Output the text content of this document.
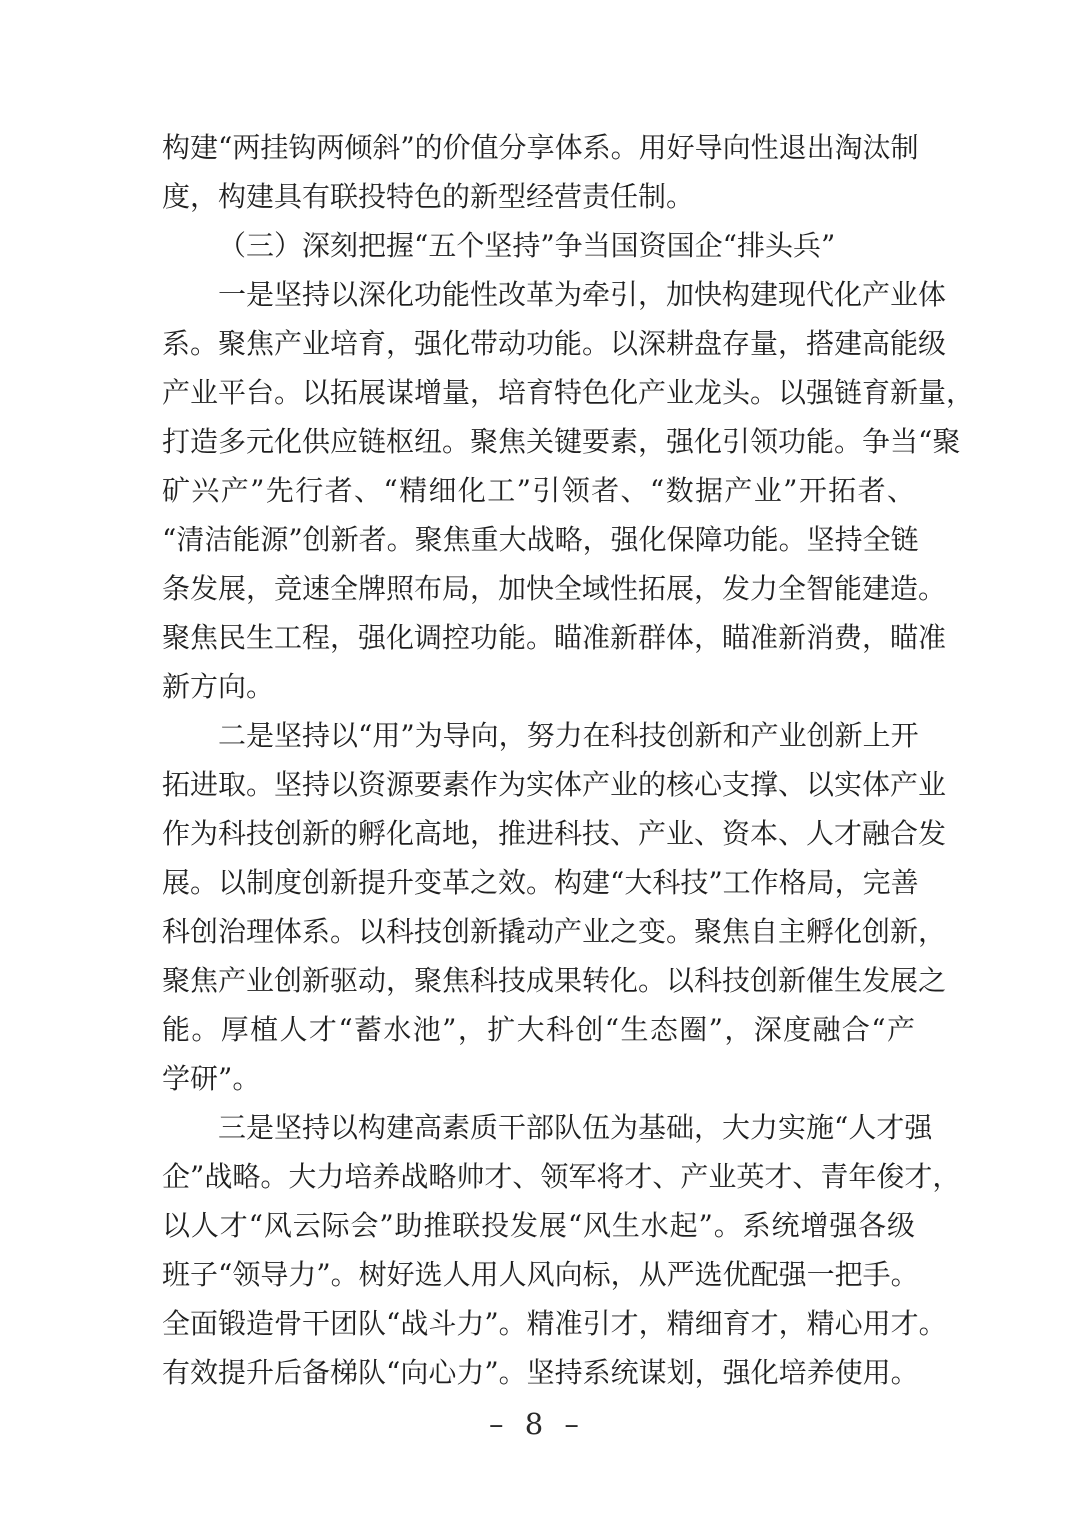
构建“两挂钩两倾斜”的价值分享体系。用好导向性退出淘汰制
度，构建具有联投特色的新型经营责任制。
（三）深刻把握“五个坚持”争当国资国企“排头兵”
一是坚持以深化功能性改革为牵引，加快构建现代化产业体
系。聚焦产业培育，强化带动功能。以深耕盘存量，搭建高能级
产业平台。以拓展谋增量，培育特色化产业龙头。以强链育新量，
打造多元化供应链枢纽。聚焦关键要素，强化引领功能。争当“聚
矿兴产”先行者、“精细化工”引领者、“数据产业”开拓者、
“清洁能源”创新者。聚焦重大战略，强化保障功能。坚持全链
条发展，竞速全牌照布局，加快全域性拓展，发力全智能建造。
聚焦民生工程，强化调控功能。瞄准新群体，瞄准新消费，瞄准
新方向。
二是坚持以“用”为导向，努力在科技创新和产业创新上开
拓进取。坚持以资源要素作为实体产业的核心支撑、以实体产业
作为科技创新的孵化高地，推进科技、产业、资本、人才融合发
展。以制度创新提升变革之效。构建“大科技”工作格局，完善
科创治理体系。以科技创新撬动产业之变。聚焦自主孵化创新，
聚焦产业创新驱动，聚焦科技成果转化。以科技创新催生发展之
能。厚植人才“蓄水池”，扩大科创“生态圈”，深度融合“产
学研”。
三是坚持以构建高素质干部队伍为基础，大力实施“人才强
企”战略。大力培养战略帅才、领军将才、产业英才、青年俊才，
以人才“风云际会”助推联投发展“风生水起”。系统增强各级
班子“领导力”。树好选人用人风向标，从严选优配强一把手。
全面锻造骨干团队“战斗力”。精准引才，精细育才，精心用才。
有效提升后备梯队“向心力”。坚持系统谋划，强化培养使用。
– 8 –
